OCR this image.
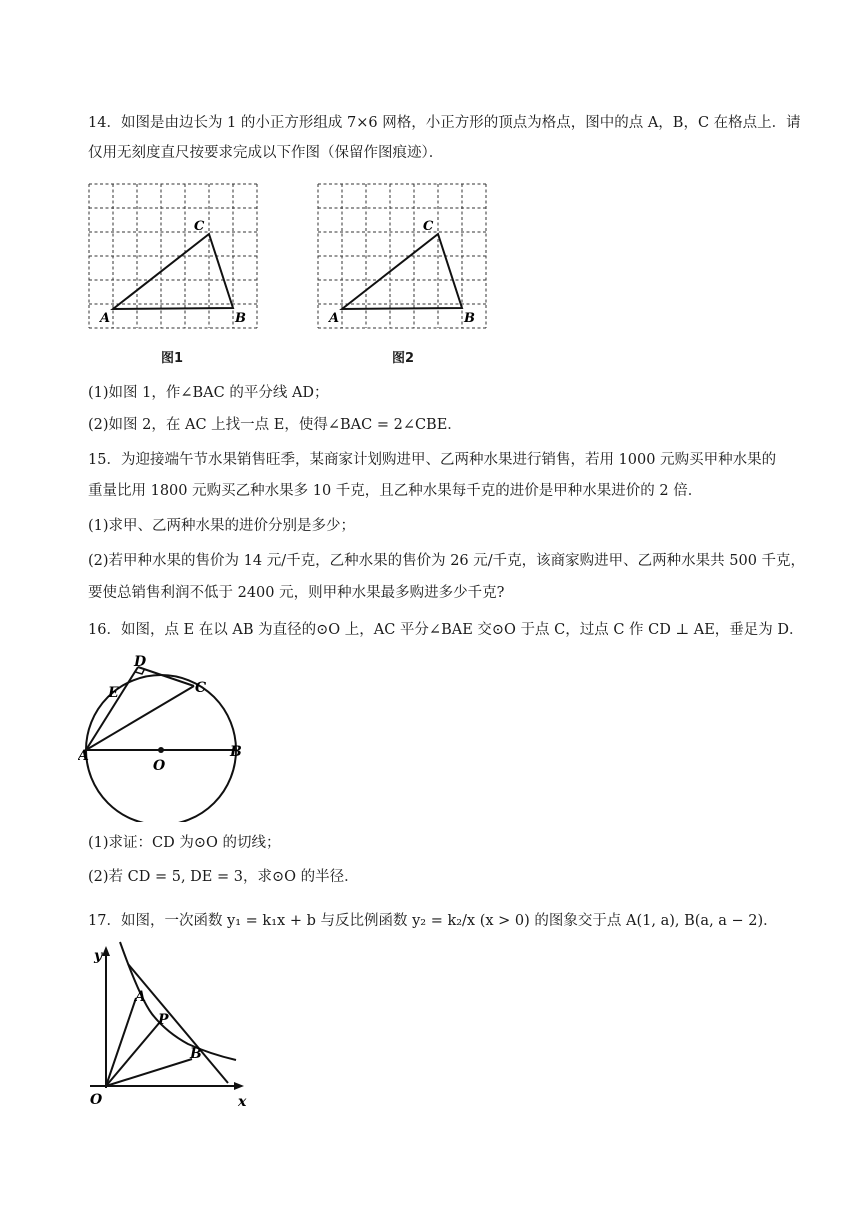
14．如图是由边长为 1 的小正方形组成 7×6 网格，小正方形的顶点为格点，图中的点 A，B，C 在格点上．请
仅用无刻度直尺按要求完成以下作图（保留作图痕迹）．
A	B
C
图1
A	B
C
图2
(1)如图 1，作∠BAC 的平分线 AD；
(2)如图 2，在 AC 上找一点 E，使得∠BAC = 2∠CBE．
15．为迎接端午节水果销售旺季，某商家计划购进甲、乙两种水果进行销售，若用 1000 元购买甲种水果的
重量比用 1800 元购买乙种水果多 10 千克，且乙种水果每千克的进价是甲种水果进价的 2 倍．
(1)求甲、乙两种水果的进价分别是多少；
(2)若甲种水果的售价为 14 元/千克，乙种水果的售价为 26 元/千克，该商家购进甲、乙两种水果共 500 千克，
要使总销售利润不低于 2400 元，则甲种水果最多购进多少千克?
16．如图，点 E 在以 AB 为直径的⊙O 上，AC 平分∠BAE 交⊙O 于点 C，过点 C 作 CD ⊥ AE，垂足为 D．
D
E	C
A	B
O
(1)求证：CD 为⊙O 的切线；
(2)若 CD = 5, DE = 3，求⊙O 的半径．
17．如图，一次函数 y₁ = k₁x + b 与反比例函数 y₂ = k₂/x (x > 0) 的图象交于点 A(1, a), B(a, a − 2)．
y
x
O
A
P
B
